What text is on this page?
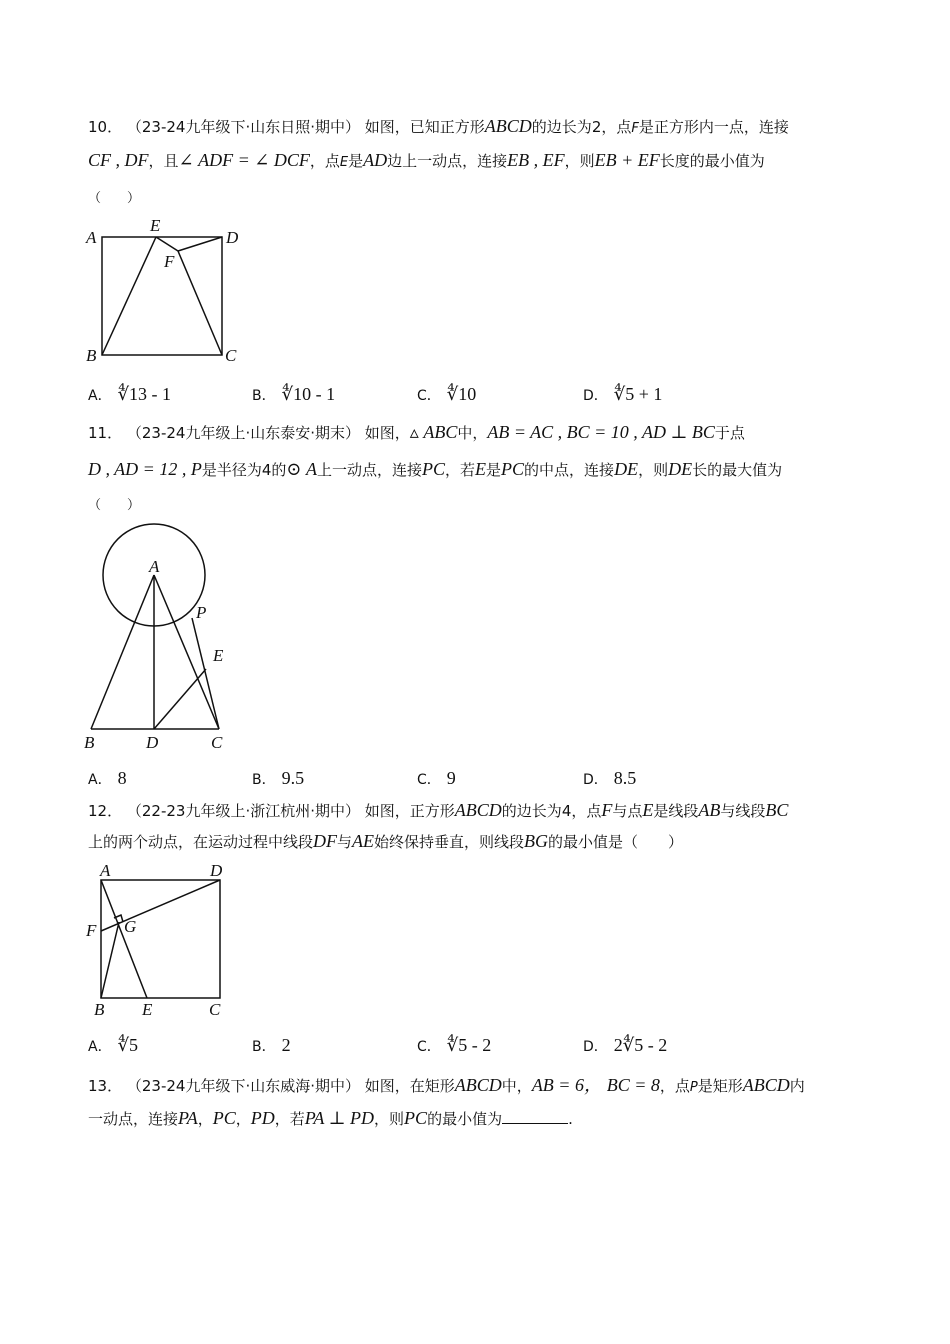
10． （23-24九年级下·山东日照·期中） 如图，已知正方形ABCD的边长为2，点F是正方形内一点，连接
CF , DF，且∠ ADF = ∠ DCF，点E是AD边上一动点，连接EB , EF，则EB + EF长度的最小值为
（　　）
A
E
D
F
B	C
A． ∜13 - 1	B． ∜10 - 1	C． ∜10	D． ∜5 + 1
11． （23-24九年级上·山东泰安·期末） 如图，▵ ABC中，AB = AC , BC = 10 , AD ⊥ BC于点
D , AD = 12 , P是半径为4的⊙ A上一动点，连接PC，若E是PC的中点，连接DE，则DE长的最大值为
（　　）
A
P
E
B	D	C
A． 8	B． 9.5	C． 9	D． 8.5
12． （22-23九年级上·浙江杭州·期中） 如图，正方形ABCD的边长为4，点F与点E是线段AB与线段BC
上的两个动点，在运动过程中线段DF与AE始终保持垂直，则线段BG的最小值是（　　）
A	D
F G
B E	C
A． ∜5	B． 2	C． ∜5 - 2	D． 2∜5 - 2
13． （23-24九年级下·山东威海·期中） 如图，在矩形ABCD中，AB = 6， BC = 8，点P是矩形ABCD内
一动点，连接PA，PC，PD，若PA ⊥ PD，则PC的最小值为	.
